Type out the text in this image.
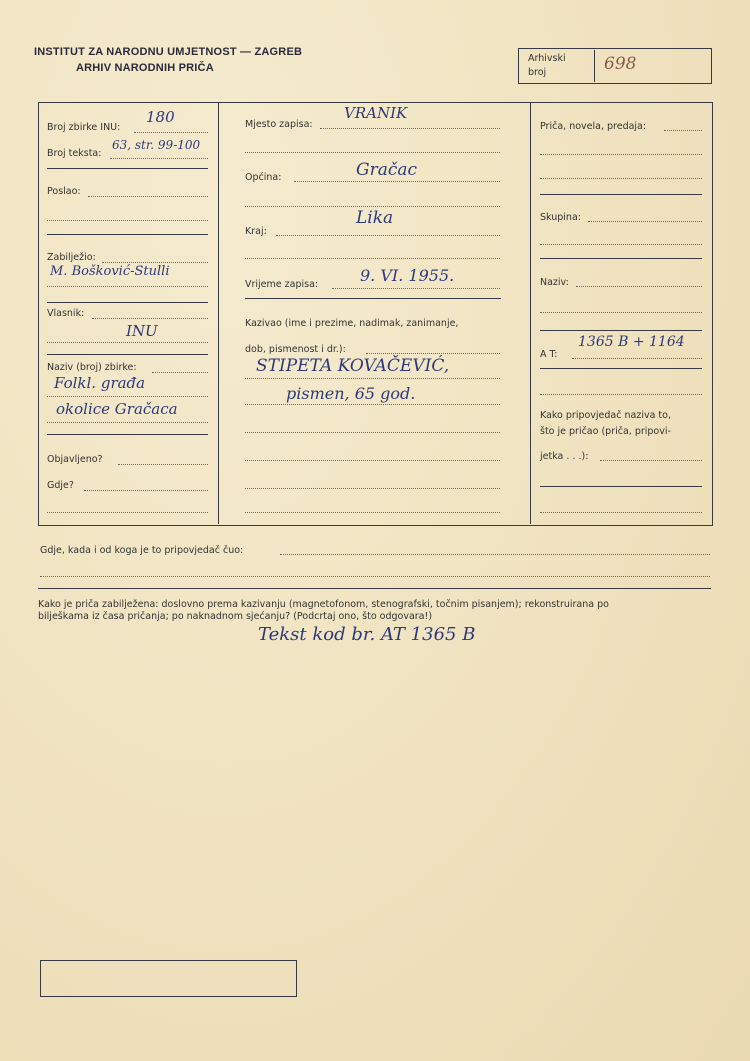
INSTITUT ZA NARODNU UMJETNOST — ZAGREB
ARHIV NARODNIH PRIČA
Arhivski
broj	698
Broj zbirke INU:
180
Broj teksta:
63, str. 99-100
Poslao:
Zabilježio:
M. Bošković-Stulli
Vlasnik:
INU
Naziv (broj) zbirke:
Folkl. građa
okolice Gračaca
Objavljeno?
Gdje?
Mjesto zapisa:
VRANIK
Općina:	Gračac
Kraj:
Lika
Vrijeme zapisa:	9. VI. 1955.
Kazivao (ime i prezime, nadimak, zanimanje,
dob, pismenost i dr.):
STIPETA KOVAČEVIĆ,
pismen, 65 god.
Priča, novela, predaja:
Skupina:
Naziv:
A T:
1365 B + 1164
Kako pripovjedač naziva to,
što je pričao (priča, pripovi-
jetka . . .):
Gdje, kada i od koga je to pripovjedač čuo:
Kako je priča zabilježena: doslovno prema kazivanju (magnetofonom, stenografski, točnim pisanjem); rekonstruirana po
bilješkama iz časa pričanja; po naknadnom sjećanju? (Podcrtaj ono, što odgovara!)
Tekst kod br. AT 1365 B
